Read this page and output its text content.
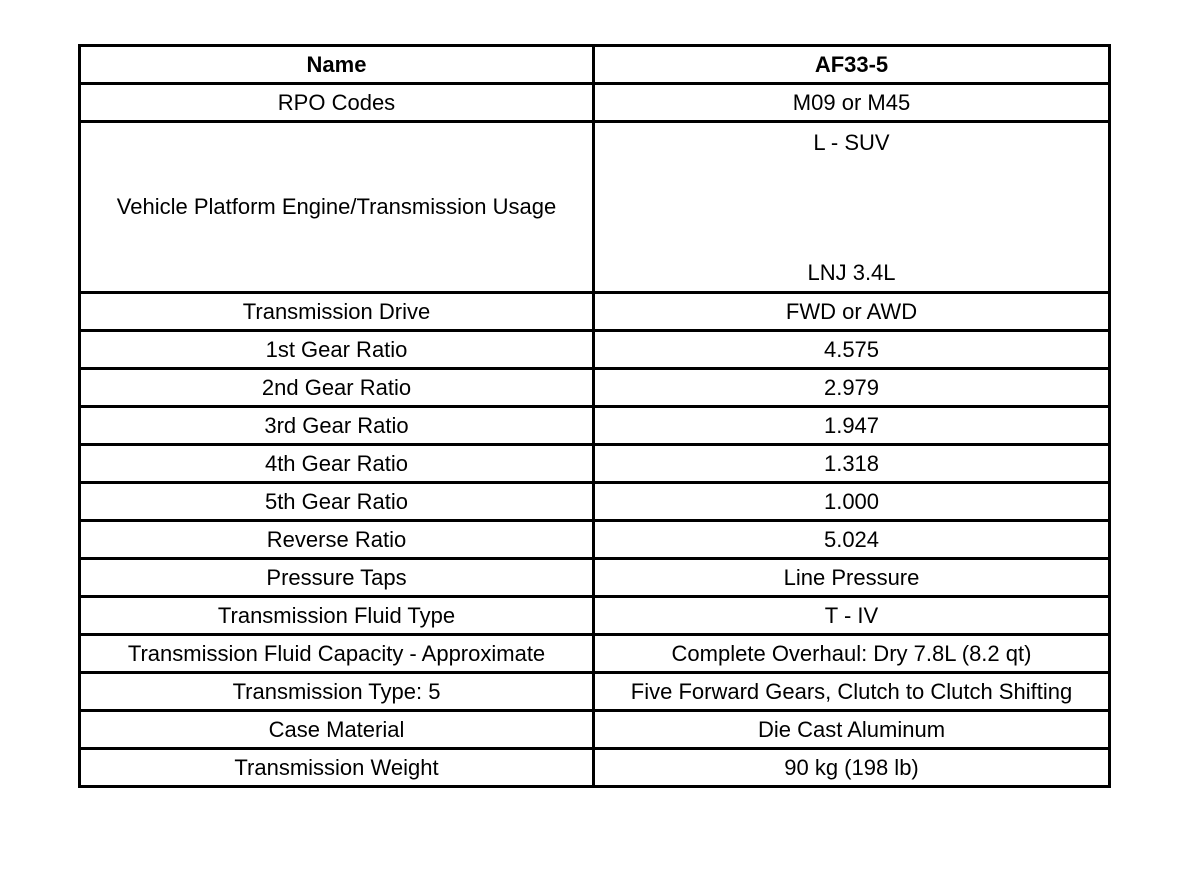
Name	AF33-5
RPO Codes	M09 or M45
Vehicle Platform Engine/Transmission Usage	L - SUV
LNJ 3.4L

Transmission Drive	FWD or AWD
1st Gear Ratio	4.575
2nd Gear Ratio	2.979
3rd Gear Ratio	1.947
4th Gear Ratio	1.318
5th Gear Ratio	1.000
Reverse Ratio	5.024
Pressure Taps	Line Pressure
Transmission Fluid Type	T - IV
Transmission Fluid Capacity - Approximate	Complete Overhaul: Dry 7.8L (8.2 qt)
Transmission Type: 5	Five Forward Gears, Clutch to Clutch Shifting
Case Material	Die Cast Aluminum
Transmission Weight	90 kg (198 lb)
